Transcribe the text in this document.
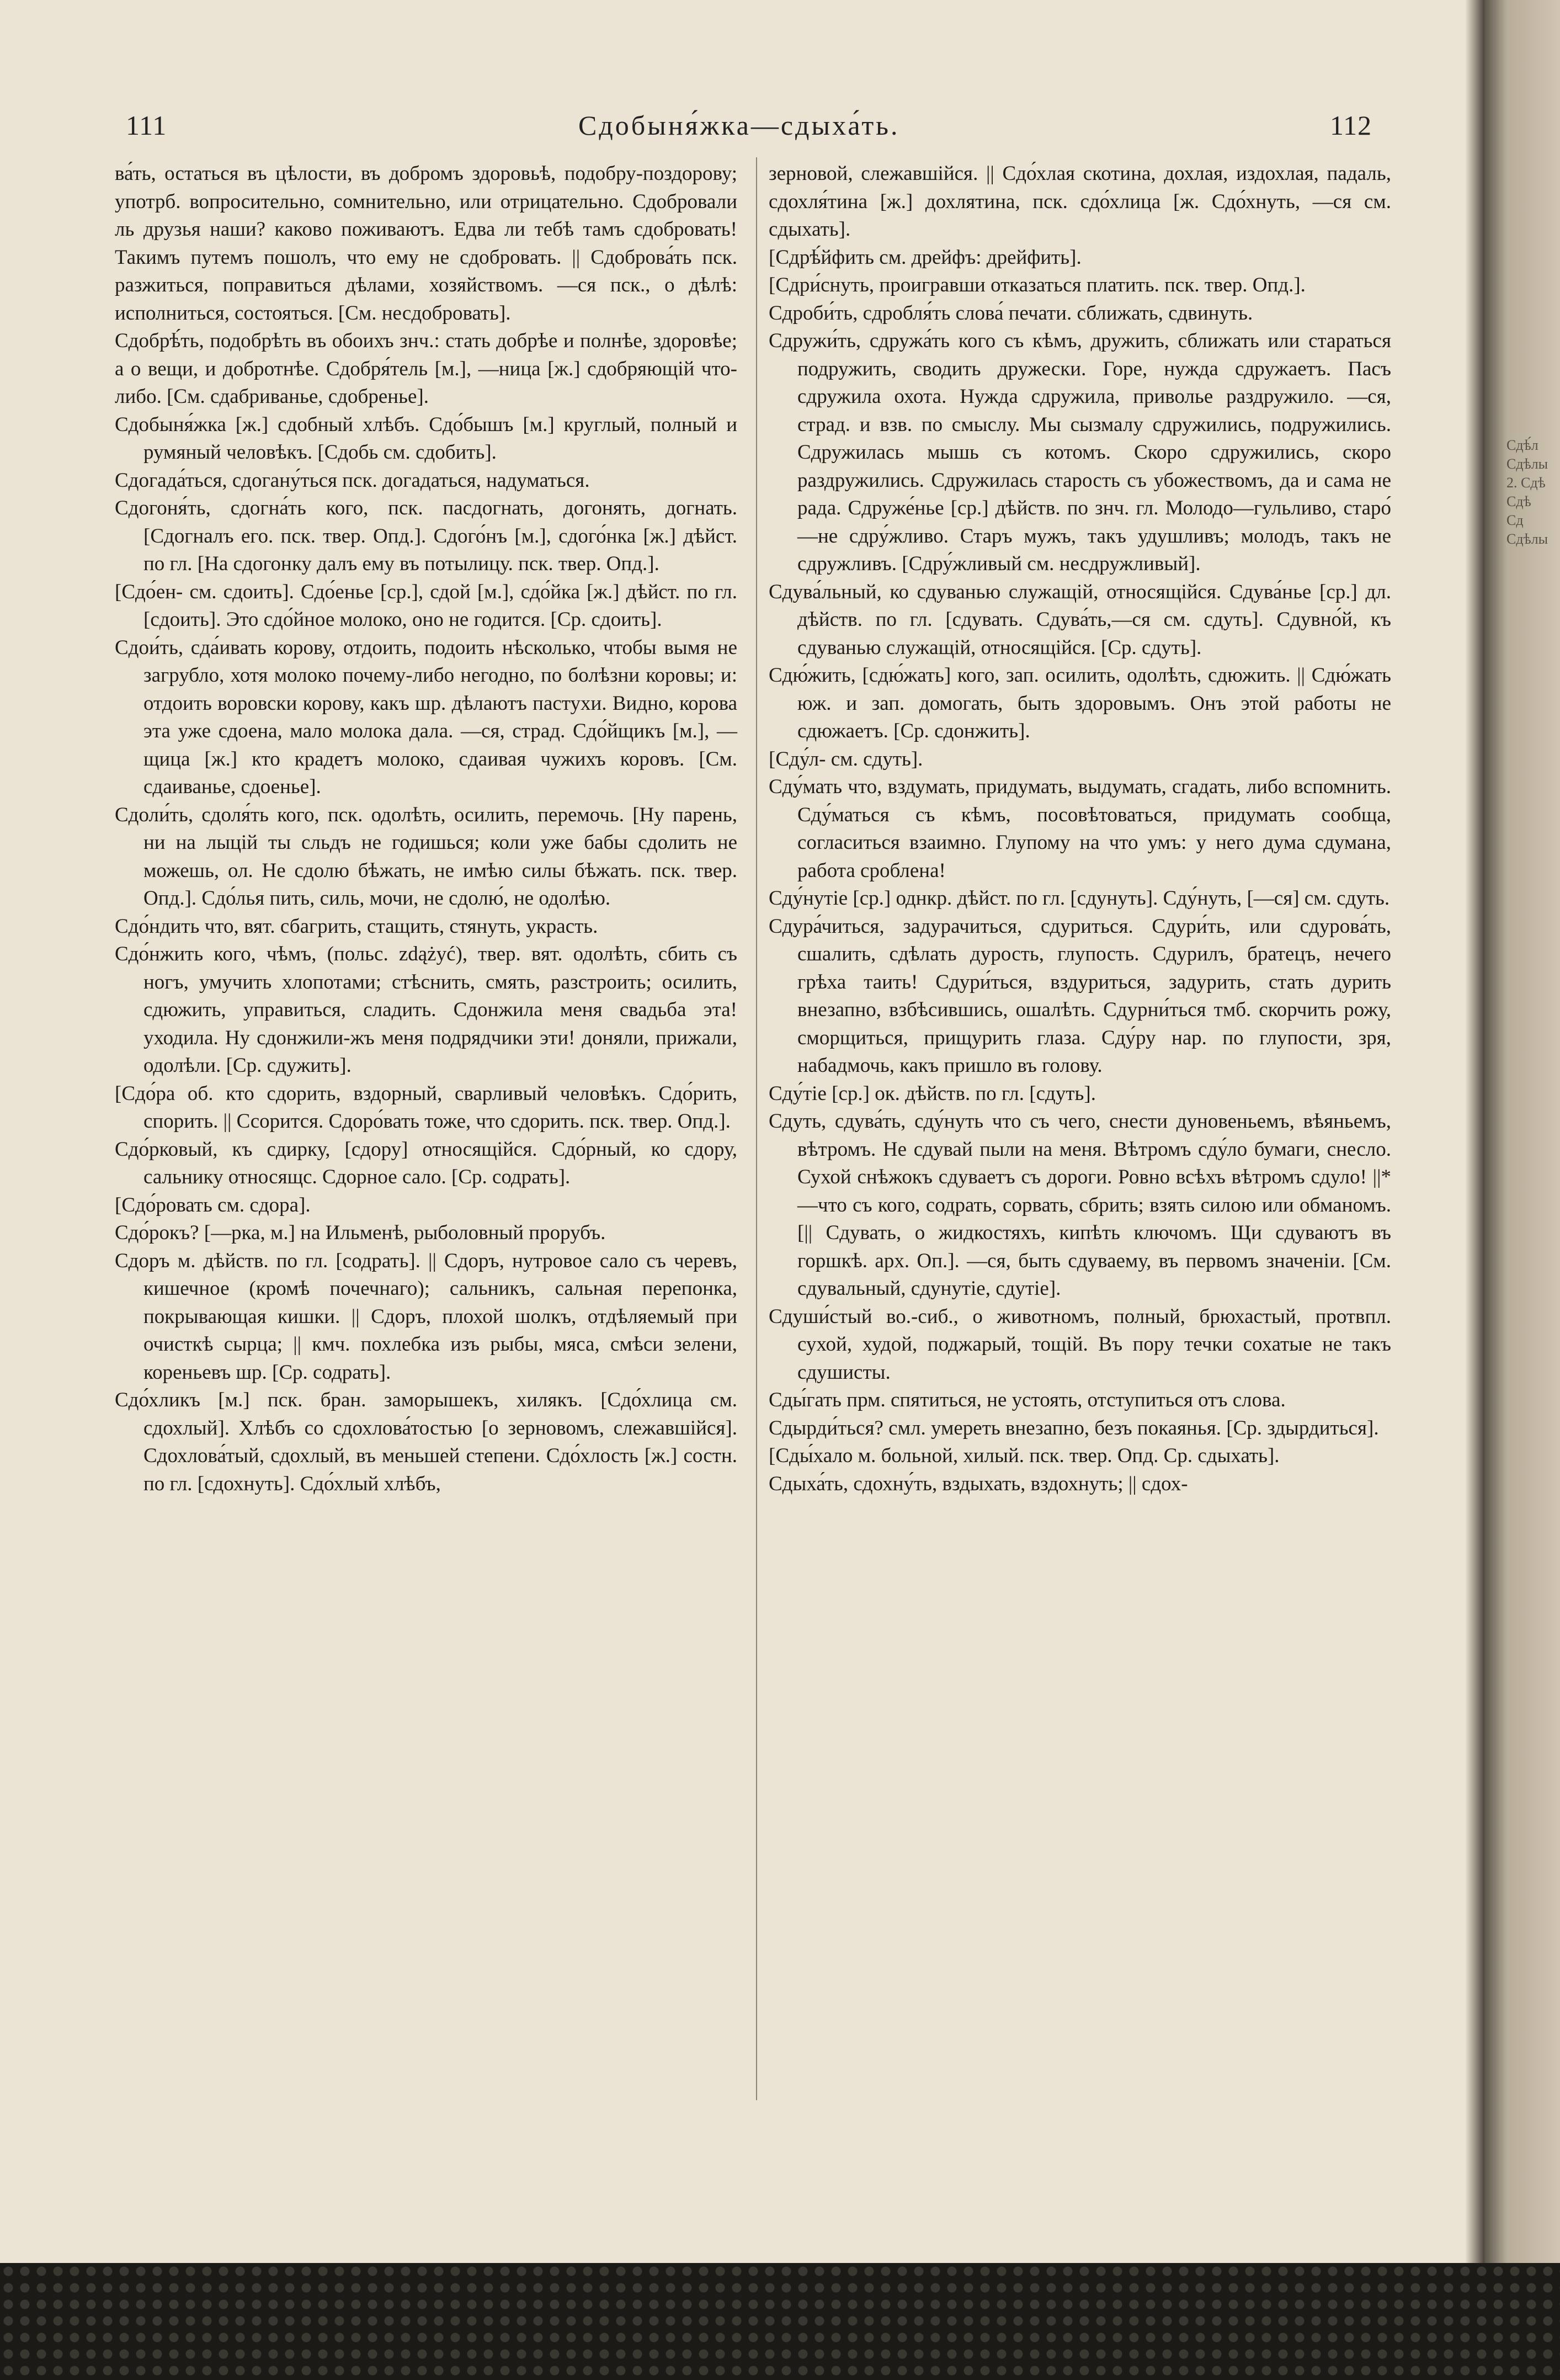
111	Сдобыня́жка—сдыха́ть.	112

ва́ть, остаться въ цѣлости, въ добромъ здоровьѣ, подобру-поздорову; употрб. вопросительно, сомнительно, или отрицательно. Сдобровали ль друзья наши? каково поживаютъ. Едва ли тебѣ тамъ сдобровать! Такимъ путемъ пошолъ, что ему не сдобровать. || Сдоброва́ть пск. разжиться, поправиться дѣлами, хозяйствомъ. —ся пск., о дѣлѣ: исполниться, состояться. [См. несдобровать].

Сдобрѣ́ть, подобрѣть въ обоихъ знч.: стать добрѣе и полнѣе, здоровѣе; а о вещи, и добротнѣе. Сдобря́тель [м.], —ница [ж.] сдобряющій что-либо. [См. сдабриванье, сдобренье].

Сдобыня́жка [ж.] сдобный хлѣбъ. Сдо́бышъ [м.] круглый, полный и румяный человѣкъ. [Сдобь см. сдобить].

Сдогада́ться, сдогану́ться пск. догадаться, надуматься.

Сдогоня́ть, сдогна́ть кого, пск. пасдогнать, догонять, догнать. [Сдогналъ его. пск. твер. Опд.]. Сдого́нъ [м.], сдого́нка [ж.] дѣйст. по гл. [На сдогонку далъ ему въ потылицу. пск. твер. Опд.].

[Сдо́ен- см. сдоить]. Сдо́енье [ср.], сдой [м.], сдо́йка [ж.] дѣйст. по гл. [сдоить]. Это сдо́йное молоко, оно не годится. [Ср. сдоить].

Сдои́ть, сда́ивать корову, отдоить, подоить нѣсколько, чтобы вымя не загрубло, хотя молоко почему-либо негодно, по болѣзни коровы; и: отдоить воровски корову, какъ шр. дѣлаютъ пастухи. Видно, корова эта уже сдоена, мало молока дала. —ся, страд. Сдо́йщикъ [м.], —щица [ж.] кто крадетъ молоко, сдаивая чужихъ коровъ. [См. сдаиванье, сдоенье].

Сдоли́ть, сдоля́ть кого, пск. одолѣть, осилить, перемочь. [Ну парень, ни на лыцій ты сльдъ не годишься; коли уже бабы сдолить не можешь, ол. Не сдолю бѣжать, не имѣю силы бѣжать. пск. твер. Опд.]. Сдо́лья пить, силь, мочи, не сдолю́, не одолѣю.

Сдо́ндить что, вят. сбагрить, стащить, стянуть, украсть.

Сдо́нжить кого, чѣмъ, (польс. zdążyć), твер. вят. одолѣть, сбить съ ногъ, умучить хлопотами; стѣснить, смять, разстроить; осилить, сдюжить, управиться, сладить. Сдонжила меня свадьба эта! уходила. Ну сдонжили-жъ меня подрядчики эти! доняли, прижали, одолѣли. [Ср. сдужить].

[Сдо́ра об. кто сдорить, вздорный, сварливый человѣкъ. Сдо́рить, спорить. || Ссорится. Сдоро́вать тоже, что сдорить. пск. твер. Опд.].

Сдо́рковый, къ сдирку, [сдору] относящійся. Сдо́рный, ко сдору, сальнику относящс. Сдорное сало. [Ср. содрать].

[Сдо́ровать см. сдора].

Сдо́рокъ? [—рка, м.] на Ильменѣ, рыболовный прорубъ.

Сдоръ м. дѣйств. по гл. [содрать]. || Сдоръ, нутровое сало съ черевъ, кишечное (кромѣ почечнаго); сальникъ, сальная перепонка, покрывающая кишки. || Сдоръ, плохой шолкъ, отдѣляемый при очисткѣ сырца; || кмч. похлебка изъ рыбы, мяса, смѣси зелени, кореньевъ шр. [Ср. содрать].

Сдо́хликъ [м.] пск. бран. заморышекъ, хилякъ. [Сдо́хлица см. сдохлый]. Хлѣбъ со сдохлова́тостью [о зерновомъ, слежавшійся]. Сдохлова́тый, сдохлый, въ меньшей степени. Сдо́хлость [ж.] состн. по гл. [сдохнуть]. Сдо́хлый хлѣбъ,

зерновой, слежавшійся. || Сдо́хлая скотина, дохлая, издохлая, падаль, сдохля́тина [ж.] дохлятина, пск. сдо́хлица [ж. Сдо́хнуть, —ся см. сдыхать].

[Сдрѣ́йфить см. дрейфъ: дрейфить].

[Сдри́снуть, проигравши отказаться платить. пск. твер. Опд.].

Сдроби́ть, сдробля́ть слова́ печати. сближать, сдвинуть.

Сдружи́ть, сдружа́ть кого съ кѣмъ, дружить, сближать или стараться подружить, сводить дружески. Горе, нужда сдружаетъ. Пасъ сдружила охота. Нужда сдружила, приволье раздружило. —ся, страд. и взв. по смыслу. Мы сызмалу сдружились, подружились. Сдружилась мышь съ котомъ. Скоро сдружились, скоро раздружились. Сдружилась старость съ убожествомъ, да и сама не рада. Сдруже́нье [ср.] дѣйств. по знч. гл. Молодо—гульливо, старо́—не сдру́жливо. Старъ мужъ, такъ удушливъ; молодъ, такъ не сдружливъ. [Сдру́жливый см. несдружливый].

Сдува́льный, ко сдуванью служащій, относящійся. Сдува́нье [ср.] дл. дѣйств. по гл. [сдувать. Сдува́ть,—ся см. сдуть]. Сдувно́й, къ сдуванью служащій, относящійся. [Ср. сдуть].

Сдю́жить, [сдю́жать] кого, зап. осилить, одолѣть, сдюжить. || Сдю́жать юж. и зап. домогать, быть здоровымъ. Онъ этой работы не сдюжаетъ. [Ср. сдонжить].

[Сду́л- см. сдуть].

Сду́мать что, вздумать, придумать, выдумать, сгадать, либо вспомнить. Сду́маться съ кѣмъ, посовѣтоваться, придумать сообща, согласиться взаимно. Глупому на что умъ: у него дума сдумана, работа сроблена!

Сду́нутіе [ср.] однкр. дѣйст. по гл. [сдунуть]. Сду́нуть, [—ся] см. сдуть.

Сдура́читься, задурачиться, сдуриться. Сдури́ть, или сдурова́ть, сшалить, сдѣлать дурость, глупость. Сдурилъ, братецъ, нечего грѣха таить! Сдури́ться, вздуриться, задурить, стать дурить внезапно, взбѣсившись, ошалѣть. Сдурни́ться тмб. скорчить рожу, сморщиться, прищурить глаза. Сду́ру нар. по глупости, зря, набадмочь, какъ пришло въ голову.

Сду́тіе [ср.] ок. дѣйств. по гл. [сдуть].

Сдуть, сдува́ть, сду́нуть что съ чего, снести дуновеньемъ, вѣяньемъ, вѣтромъ. Не сдувай пыли на меня. Вѣтромъ сду́ло бумаги, снесло. Сухой снѣжокъ сдуваетъ съ дороги. Ровно всѣхъ вѣтромъ сдуло! ||*—что съ кого, содрать, сорвать, сбрить; взять силою или обманомъ. [|| Сдувать, о жидкостяхъ, кипѣть ключомъ. Щи сдуваютъ въ горшкѣ. арх. Оп.]. —ся, быть сдуваему, въ первомъ значеніи. [См. сдувальный, сдунутіе, сдутіе].

Сдуши́стый во.-сиб., о животномъ, полный, брюхастый, протвпл. сухой, худой, поджарый, тощій. Въ пору течки сохатые не такъ сдушисты.

Сды́гать прм. спятиться, не устоять, отступиться отъ слова.

Сдырди́ться? смл. умереть внезапно, безъ покаянья. [Ср. здырдиться].

[Сды́хало м. больной, хилый. пск. твер. Опд. Ср. сдыхать].

Сдыха́ть, сдохну́ть, вздыхать, вздохнуть; || сдох-

Сдѣ́л
Сдѣлы
2. Сдѣ
Сдѣ
Сд
Сдѣлы
